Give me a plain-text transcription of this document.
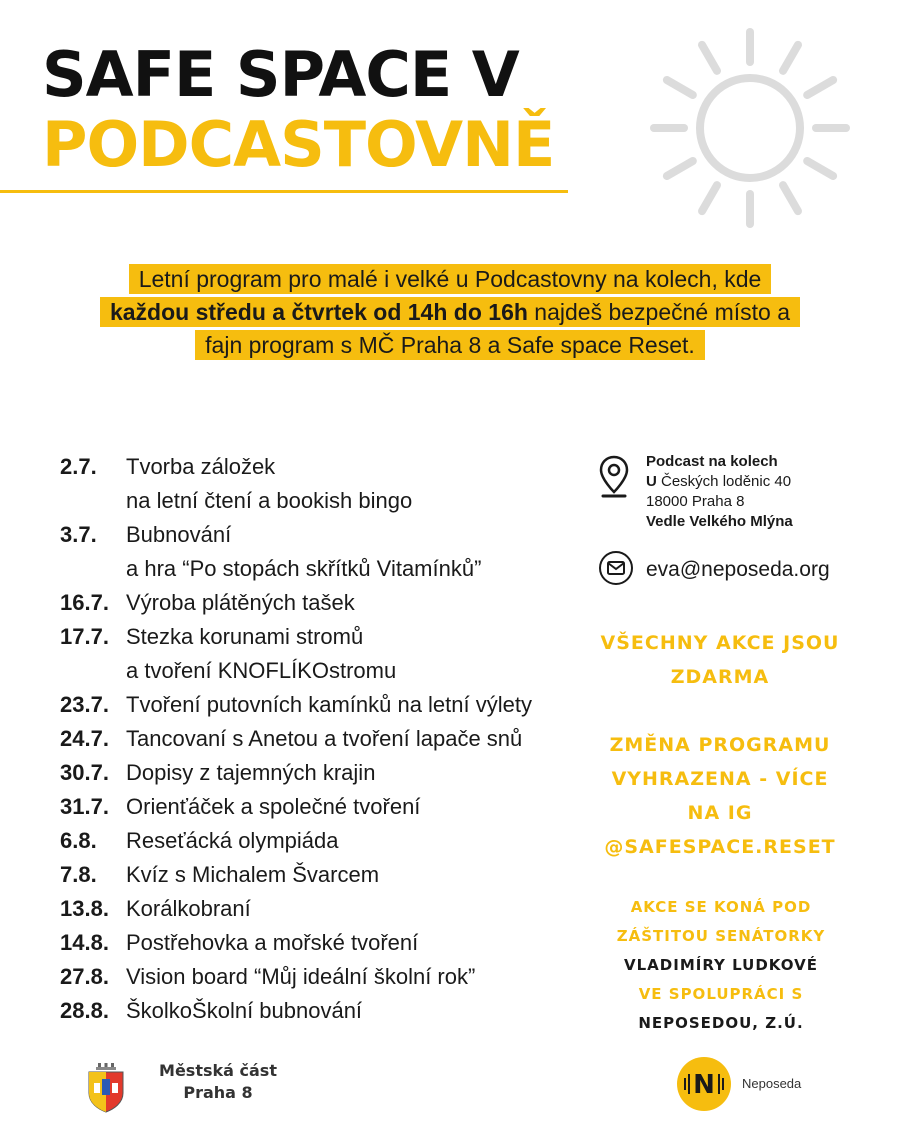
SAFE SPACE V
PODCASTOVNĚ
Letní program pro malé i velké u Podcastovny na kolech, kde
každou středu a čtvrtek od 14h do 16h najdeš bezpečné místo a
fajn program s MČ Praha 8 a Safe space Reset.
2.7.	Tvorba záložek
na letní čtení a bookish bingo
3.7.	Bubnování
a hra “Po stopách skřítků Vitamínků”
16.7. Výroba plátěných tašek
17.7. Stezka korunami stromů
a tvoření KNOFLÍKOstromu
23.7. Tvoření putovních kamínků na letní výlety
24.7. Tancovaní s Anetou a tvoření lapače snů
30.7. Dopisy z tajemných krajin
31.7. Orienťáček a společné tvoření
6.8.	Reseťácká olympiáda
7.8.	Kvíz s Michalem Švarcem
13.8. Korálkobraní
14.8. Postřehovka a mořské tvoření
27.8. Vision board “Můj ideální školní rok”
28.8. ŠkolkoŠkolní bubnování
Podcast na kolech
U Českých loděnic 40
18000 Praha 8
Vedle Velkého Mlýna
eva@neposeda.org
VŠECHNY AKCE JSOU
ZDARMA
ZMĚNA PROGRAMU
VYHRAZENA - VÍCE
NA IG
@SAFESPACE.RESET
AKCE SE KONÁ POD
ZÁŠTITOU SENÁTORKY
VLADIMÍRY LUDKOVÉ
VE SPOLUPRÁCI S
NEPOSEDOU, Z.Ú.
Městská část
Praha 8	N Neposeda
